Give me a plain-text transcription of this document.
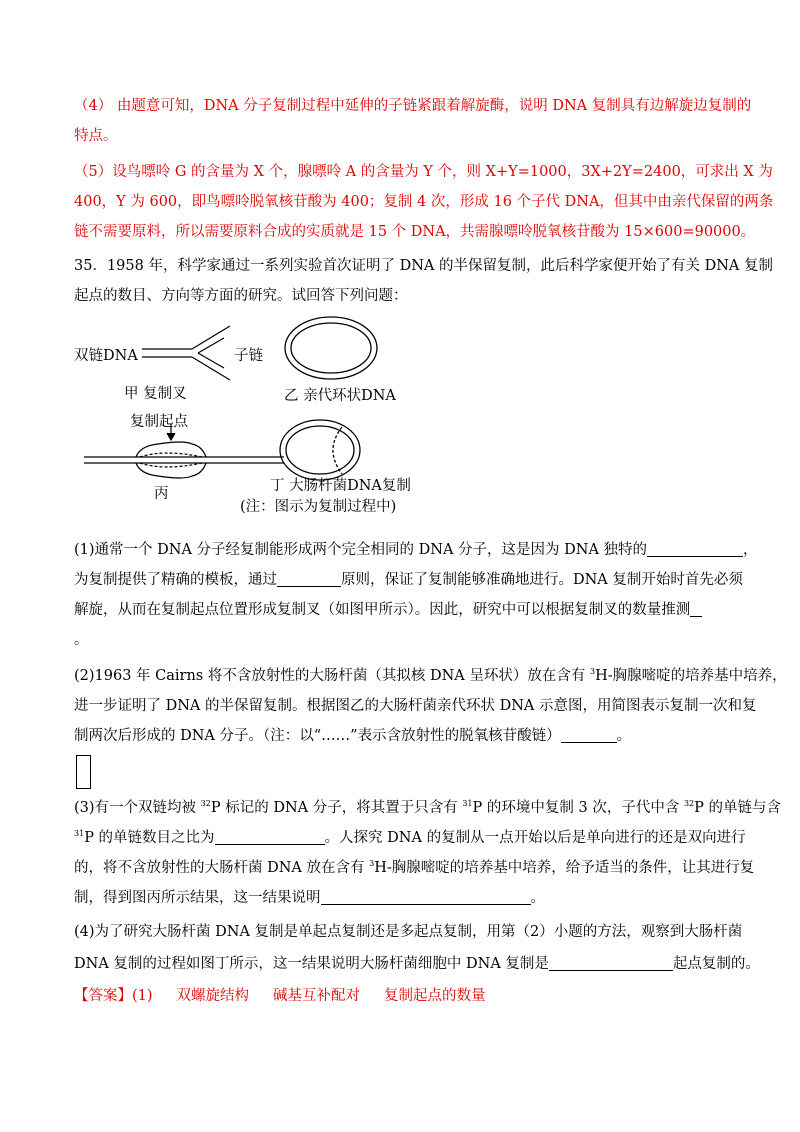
（4） 由题意可知，DNA 分子复制过程中延伸的子链紧跟着解旋酶，说明 DNA 复制具有边解旋边复制的
特点。
（5）设鸟嘌呤 G 的含量为 X 个，腺嘌呤 A 的含量为 Y 个，则 X+Y=1000，3X+2Y=2400，可求出 X 为
400，Y 为 600，即鸟嘌呤脱氧核苷酸为 400；复制 4 次，形成 16 个子代 DNA，但其中由亲代保留的两条
链不需要原料，所以需要原料合成的实质就是 15 个 DNA，共需腺嘌呤脱氧核苷酸为 15×600=90000。
35．1958 年，科学家通过一系列实验首次证明了 DNA 的半保留复制，此后科学家便开始了有关 DNA 复制
起点的数目、方向等方面的研究。试回答下列问题：
双链DNA	子链
甲 复制叉	乙 亲代环状DNA
复制起点
丙	丁 大肠杆菌DNA复制
(注：图示为复制过程中)
(1)通常一个 DNA 分子经复制能形成两个完全相同的 DNA 分子，这是因为 DNA 独特的	，
为复制提供了精确的模板，通过	原则，保证了复制能够准确地进行。DNA 复制开始时首先必须
解旋，从而在复制起点位置形成复制叉（如图甲所示）。因此，研究中可以根据复制叉的数量推测
。
(2)1963 年 Cairns 将不含放射性的大肠杆菌（其拟核 DNA 呈环状）放在含有 $^3$H-胸腺嘧啶的培养基中培养，
进一步证明了 DNA 的半保留复制。根据图乙的大肠杆菌亲代环状 DNA 示意图，用简图表示复制一次和复
制两次后形成的 DNA 分子。（注：以“……”表示含放射性的脱氧核苷酸链）	。
(3)有一个双链均被 $^{32}$P 标记的 DNA 分子，将其置于只含有 $^{31}$P 的环境中复制 3 次，子代中含 $^{32}$P 的单链与含
$^{31}$P 的单链数目之比为	。人探究 DNA 的复制从一点开始以后是单向进行的还是双向进行
的，将不含放射性的大肠杆菌 DNA 放在含有 $^3$H-胸腺嘧啶的培养基中培养，给予适当的条件，让其进行复
制，得到图丙所示结果，这一结果说明	。
(4)为了研究大肠杆菌 DNA 复制是单起点复制还是多起点复制，用第（2）小题的方法，观察到大肠杆菌
DNA 复制的过程如图丁所示，这一结果说明大肠杆菌细胞中 DNA 复制是	起点复制的。
【答案】(1) 双螺旋结构 碱基互补配对 复制起点的数量
